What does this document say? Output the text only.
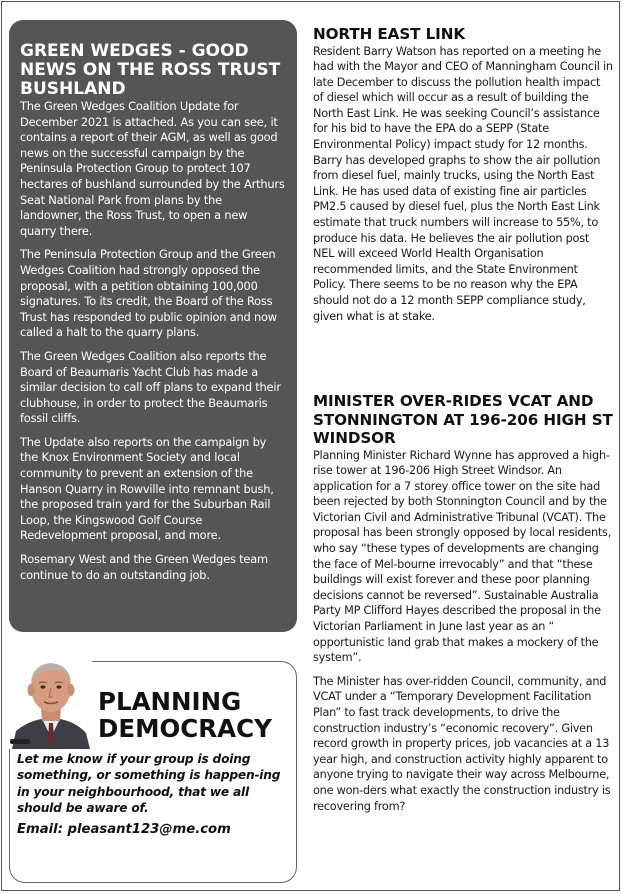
GREEN WEDGES - GOOD NEWS ON THE ROSS TRUST BUSHLAND

The Green Wedges Coalition Update for December 2021 is attached. As you can see, it contains a report of their AGM, as well as good news on the successful campaign by the Peninsula Protection Group to protect 107 hectares of bushland surrounded by the Arthurs Seat National Park from plans by the landowner, the Ross Trust, to open a new quarry there.

The Peninsula Protection Group and the Green Wedges Coalition had strongly opposed the proposal, with a petition obtaining 100,000 signatures. To its credit, the Board of the Ross Trust has responded to public opinion and now called a halt to the quarry plans.

The Green Wedges Coalition also reports the Board of Beaumaris Yacht Club has made a similar decision to call off plans to expand their clubhouse, in order to protect the Beaumaris fossil cliffs.

The Update also reports on the campaign by the Knox Environment Society and local community to prevent an extension of the Hanson Quarry in Rowville into remnant bush, the proposed train yard for the Suburban Rail Loop, the Kingswood Golf Course Redevelopment proposal, and more.

Rosemary West and the Green Wedges team continue to do an outstanding job.

PLANNING
DEMOCRACY
Let me know if your group is doing something, or something is happen-ing in your neighbourhood, that we all should be aware of.
Email: pleasant123@me.com
NORTH EAST LINK

Resident Barry Watson has reported on a meeting he had with the Mayor and CEO of Manningham Council in late December to discuss the pollution health impact of diesel which will occur as a result of building the North East Link. He was seeking Council’s assistance for his bid to have the EPA do a SEPP (State Environmental Policy) impact study for 12 months. Barry has developed graphs to show the air pollution from diesel fuel, mainly trucks, using the North East Link. He has used data of existing fine air particles PM2.5 caused by diesel fuel, plus the North East Link estimate that truck numbers will increase to 55%, to produce his data. He believes the air pollution post NEL will exceed World Health Organisation recommended limits, and the State Environment Policy. There seems to be no reason why the EPA should not do a 12 month SEPP compliance study, given what is at stake.

MINISTER OVER-RIDES VCAT AND STONNINGTON AT 196-206 HIGH ST WINDSOR

Planning Minister Richard Wynne has approved a high-rise tower at 196-206 High Street Windsor. An application for a 7 storey office tower on the site had been rejected by both Stonnington Council and by the Victorian Civil and Administrative Tribunal (VCAT). The proposal has been strongly opposed by local residents, who say “these types of developments are changing the face of Mel-bourne irrevocably” and that “these buildings will exist forever and these poor planning decisions cannot be reversed”. Sustainable Australia Party MP Clifford Hayes described the proposal in the Victorian Parliament in June last year as an “ opportunistic land grab that makes a mockery of the system”.

The Minister has over-ridden Council, community, and VCAT under a “Temporary Development Facilitation Plan” to fast track developments, to drive the construction industry’s “economic recovery”. Given record growth in property prices, job vacancies at a 13 year high, and construction activity highly apparent to anyone trying to navigate their way across Melbourne, one won-ders what exactly the construction industry is recovering from?
